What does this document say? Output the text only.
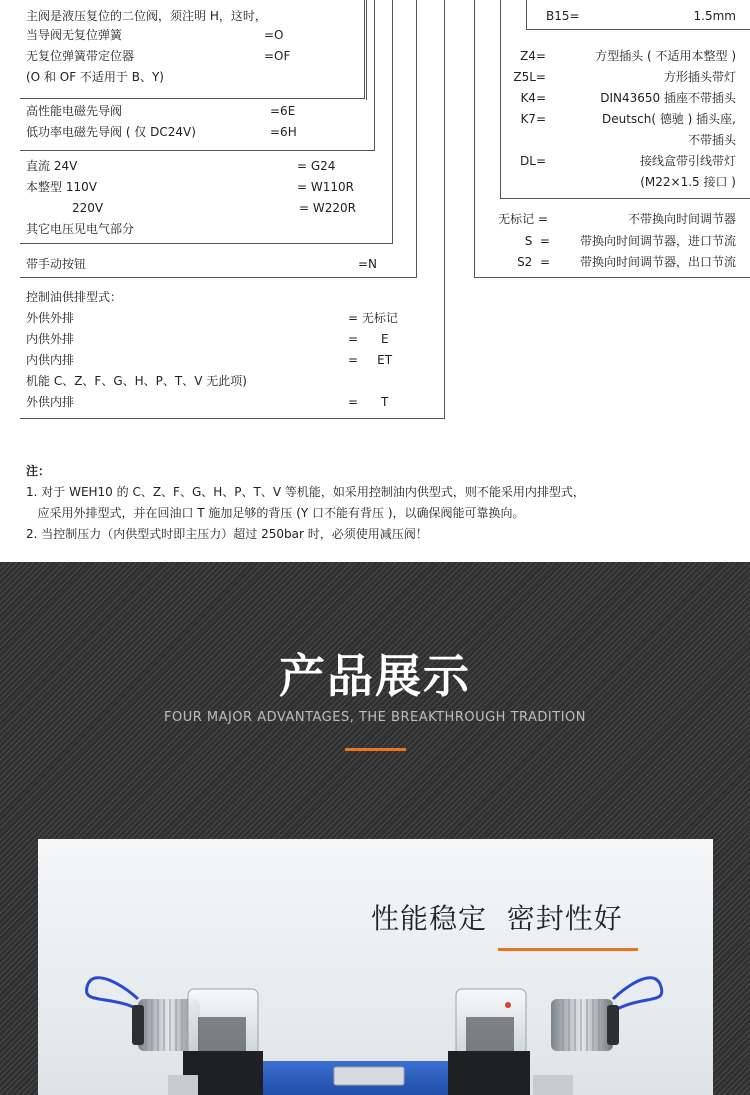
主阀是液压复位的二位阀，须注明 H，这时，
当导阀无复位弹簧	=O
无复位弹簧带定位器	=OF
(O 和 OF 不适用于 B、Y)
高性能电磁先导阀	=6E
低功率电磁先导阀 ( 仅 DC24V)	=6H
直流 24V	= G24
本整型 110V	= W110R
220V	= W220R
其它电压见电气部分
带手动按钮	=N
控制油供排型式：
外供外排	= 无标记
内供外排	=      E
内供内排	=     ET
机能 C、Z、F、G、H、P、T、V 无此项)
外供内排	=      T
B15=	1.5mm
Z4=	方型插头 ( 不适用本整型 )
Z5L=	方形插头带灯
K4=	DIN43650 插座不带插头
K7=	Deutsch( 德驰 ) 插头座,
不带插头
DL=	接线盒带引线带灯
(M22×1.5 接口 )
无标记 =	不带换向时间调节器
S  = 带换向时间调节器，进口节流
S2  = 带换向时间调节器，出口节流
注：
1. 对于 WEH10 的 C、Z、F、G、H、P、T、V 等机能，如采用控制油内供型式，则不能采用内排型式，
应采用外排型式，并在回油口 T 施加足够的背压 (Y 口不能有背压 )，以确保阀能可靠换向。
2. 当控制压力（内供型式时即主压力）超过 250bar 时，必须使用减压阀！
产品展示
FOUR MAJOR ADVANTAGES, THE BREAKTHROUGH TRADITION
性能稳定  密封性好
